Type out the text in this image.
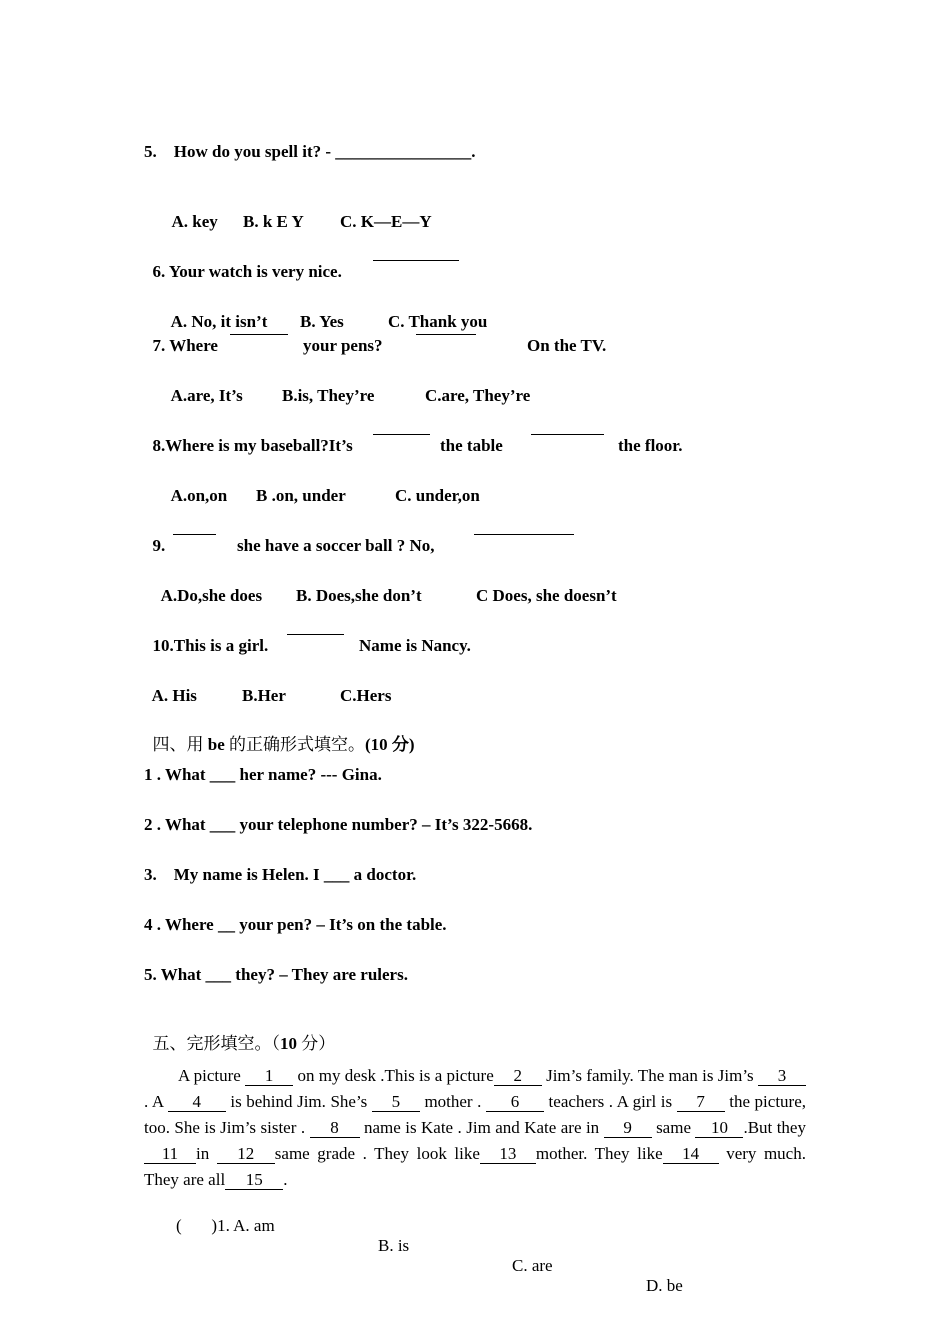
5.    How do you spell it? - ________________.

A. key B. k E Y C. K—E—Y

6. Your watch is very nice.

A. No, it isn’t B. Yes	C. Thank you

7. Where	your pens?	On the TV.

A.are, It’s B.is, They’re	C.are, They’re

8.Where is my baseball?It’s	the table	the floor.

A.on,on B .on, under	C. under,on

9.	she have a soccer ball ? No,

A.Do,she does B. Does,she don’t	C Does, she doesn’t

10.This is a girl.	Name is Nancy.

A. His	B.Her	C.Hers

四、用 be 的正确形式填空。(10 分)

1 . What ___ her name? --- Gina.
2 . What ___ your telephone number? – It’s 322-5668.
3.    My name is Helen. I ___ a doctor.
4 . Where __ your pen? – It’s on the table.
5. What ___ they? – They are rulers.

五、完形填空。（10 分）

A picture 1 on my desk .This is a picture 2 Jim’s family. The man is Jim’s 3 . A 4 is behind Jim. She’s 5 mother . 6 teachers . A girl is 7 the picture, too. She is Jim’s sister . 8 name is Kate . Jim and Kate are in 9 same 10 .But they11 in 12 same grade . They look like 13 mother. They like 14 very much. They are all 15 .

(       )1. A. am

B. is

C. are

D. be
